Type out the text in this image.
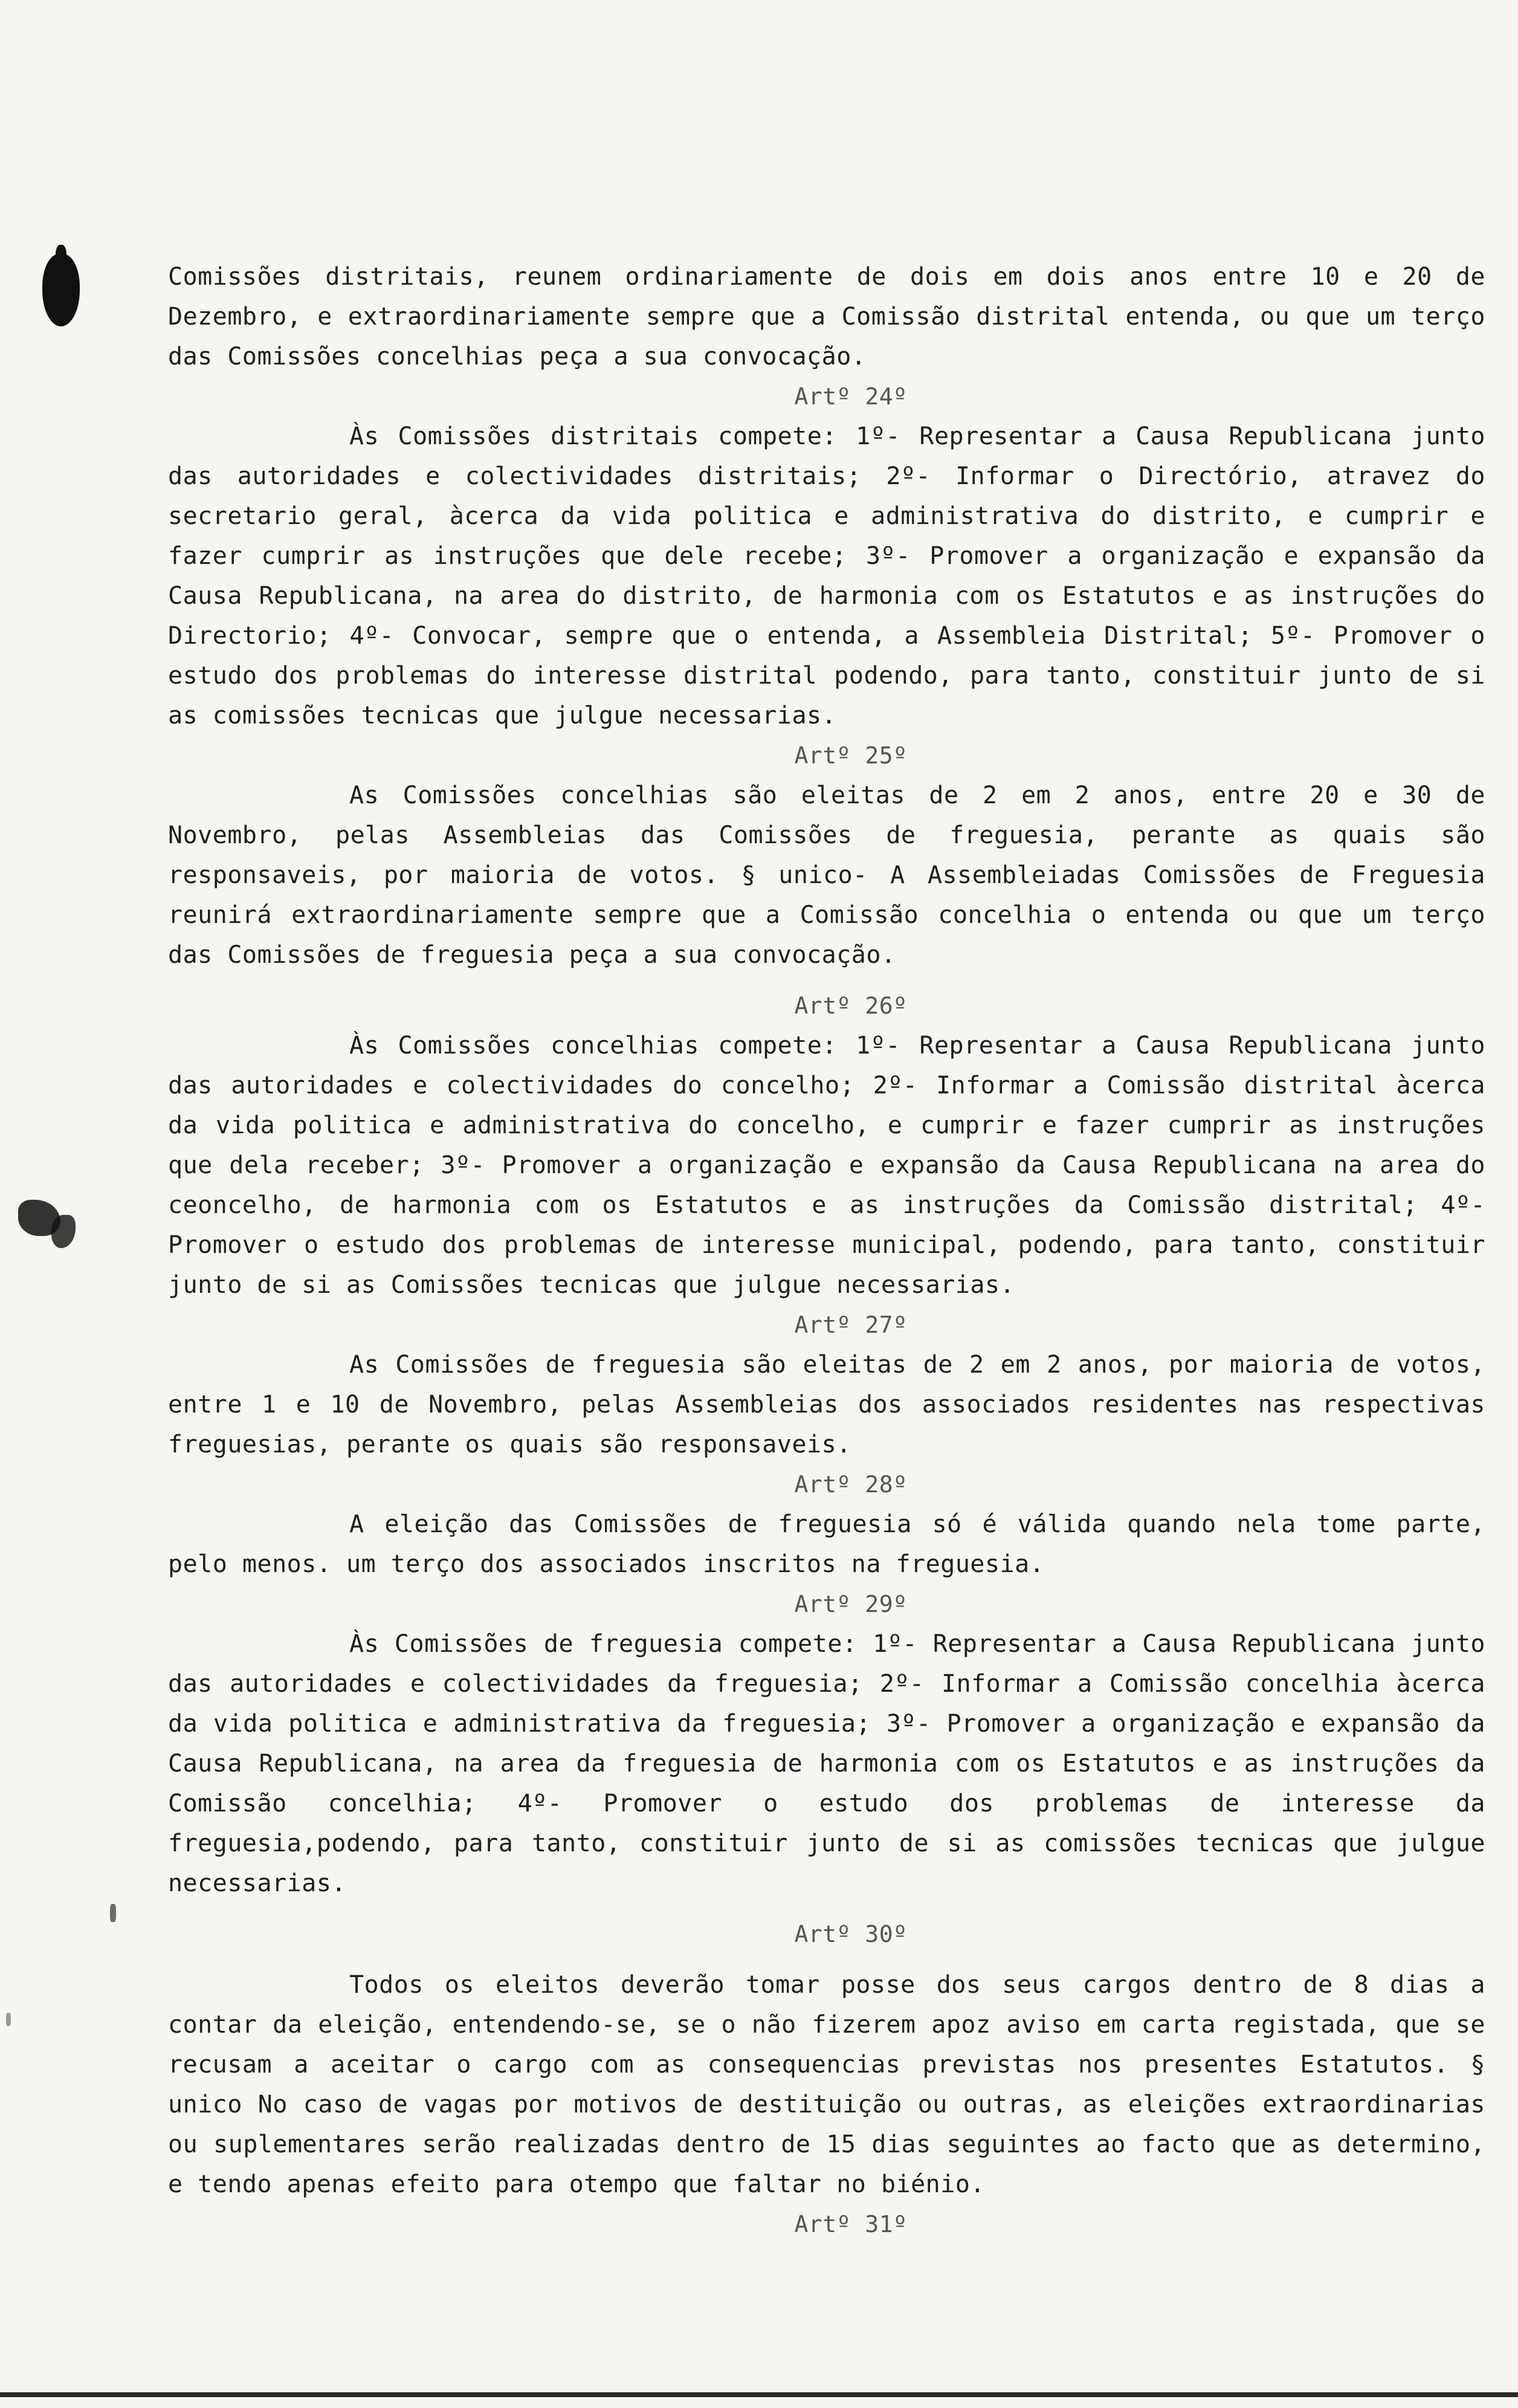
Comissões distritais, reunem ordinariamente de dois em dois anos entre 10 e 20 de Dezembro, e extraordinariamente sempre que a Comissão distrital entenda, ou que um terço das Comissões concelhias peça a sua convocação.

Artº 24º

Às Comissões distritais compete: 1º- Representar a Causa Republicana junto das autoridades e colectividades distritais; 2º- Informar o Directório, atravez do secretario geral, àcerca da vida politica e administrativa do distrito, e cumprir e fazer cumprir as instruções que dele recebe; 3º- Promover a organização e expansão da Causa Republicana, na area do distrito, de harmonia com os Estatutos e as instruções do Directorio; 4º- Convocar, sempre que o entenda, a Assembleia Distrital; 5º- Promover o estudo dos problemas do interesse distrital podendo, para tanto, constituir junto de si as comissões tecnicas que julgue necessarias.

Artº 25º

As Comissões concelhias são eleitas de 2 em 2 anos, entre 20 e 30 de Novembro, pelas Assembleias das Comissões de freguesia, perante as quais são responsaveis, por maioria de votos. § unico- A Assembleiadas Comissões de Freguesia reunirá extraordinariamente sempre que a Comissão concelhia o entenda ou que um terço das Comissões de freguesia peça a sua convocação.

Artº 26º

Às Comissões concelhias compete: 1º- Representar a Causa Republicana junto das autoridades e colectividades do concelho; 2º- Informar a Comissão distrital àcerca da vida politica e administrativa do concelho, e cumprir e fazer cumprir as instruções que dela receber; 3º- Promover a organização e expansão da Causa Republicana na area do ceoncelho, de harmonia com os Estatutos e as instruções da Comissão distrital; 4º- Promover o estudo dos problemas de interesse municipal, podendo, para tanto, constituir junto de si as Comissões tecnicas que julgue necessarias.

Artº 27º

As Comissões de freguesia são eleitas de 2 em 2 anos, por maioria de votos, entre 1 e 10 de Novembro, pelas Assembleias dos associados residentes nas respectivas freguesias, perante os quais são responsaveis.

Artº 28º

A eleição das Comissões de freguesia só é válida quando nela tome parte, pelo menos. um terço dos associados inscritos na freguesia.

Artº 29º

Às Comissões de freguesia compete: 1º- Representar a Causa Republicana junto das autoridades e colectividades da freguesia; 2º- Informar a Comissão concelhia àcerca da vida politica e administrativa da freguesia; 3º- Promover a organização e expansão da Causa Republicana, na area da freguesia de harmonia com os Estatutos e as instruções da Comissão concelhia; 4º- Promover o estudo dos problemas de interesse da freguesia,podendo, para tanto, constituir junto de si as comissões tecnicas que julgue necessarias.

Artº 30º

Todos os eleitos deverão tomar posse dos seus cargos dentro de 8 dias a contar da eleição, entendendo-se, se o não fizerem apoz aviso em carta registada, que se recusam a aceitar o cargo com as consequencias previstas nos presentes Estatutos. § unico No caso de vagas por motivos de destituição ou outras, as eleições extraordinarias ou suplementares serão realizadas dentro de 15 dias seguintes ao facto que as determino, e tendo apenas efeito para otempo que faltar no biénio.

Artº 31º
